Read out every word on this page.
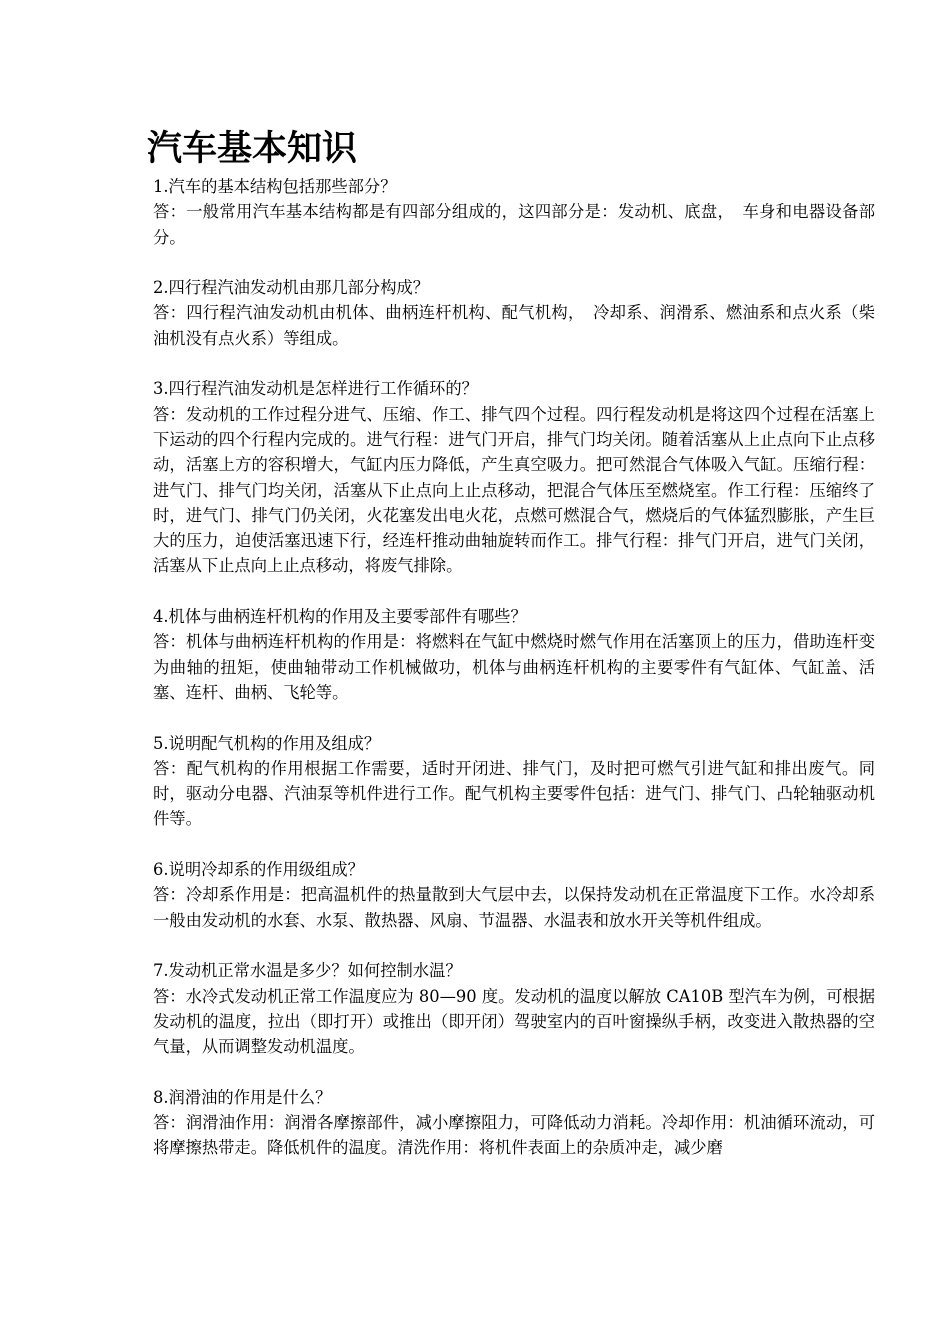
汽车基本知识

1.汽车的基本结构包括那些部分？

答：一般常用汽车基本结构都是有四部分组成的，这四部分是：发动机、底盘，　车身和电器设备部分。

2.四行程汽油发动机由那几部分构成？

答：四行程汽油发动机由机体、曲柄连杆机构、配气机构，　冷却系、润滑系、燃油系和点火系（柴油机没有点火系）等组成。

3.四行程汽油发动机是怎样进行工作循环的？

答：发动机的工作过程分进气、压缩、作工、排气四个过程。四行程发动机是将这四个过程在活塞上下运动的四个行程内完成的。进气行程：进气门开启，排气门均关闭。随着活塞从上止点向下止点移动，活塞上方的容积增大，气缸内压力降低，产生真空吸力。把可然混合气体吸入气缸。压缩行程：进气门、排气门均关闭，活塞从下止点向上止点移动，把混合气体压至燃烧室。作工行程：压缩终了时，进气门、排气门仍关闭，火花塞发出电火花，点燃可燃混合气，燃烧后的气体猛烈膨胀，产生巨大的压力，迫使活塞迅速下行，经连杆推动曲轴旋转而作工。排气行程：排气门开启，进气门关闭，活塞从下止点向上止点移动，将废气排除。

4.机体与曲柄连杆机构的作用及主要零部件有哪些？

答：机体与曲柄连杆机构的作用是：将燃料在气缸中燃烧时燃气作用在活塞顶上的压力，借助连杆变为曲轴的扭矩，使曲轴带动工作机械做功，机体与曲柄连杆机构的主要零件有气缸体、气缸盖、活塞、连杆、曲柄、飞轮等。

5.说明配气机构的作用及组成？

答：配气机构的作用根据工作需要，适时开闭进、排气门，及时把可燃气引进气缸和排出废气。同时，驱动分电器、汽油泵等机件进行工作。配气机构主要零件包括：进气门、排气门、凸轮轴驱动机件等。

6.说明冷却系的作用级组成？

答：冷却系作用是：把高温机件的热量散到大气层中去，以保持发动机在正常温度下工作。水冷却系一般由发动机的水套、水泵、散热器、风扇、节温器、水温表和放水开关等机件组成。

7.发动机正常水温是多少？如何控制水温？

答：水冷式发动机正常工作温度应为 80—90 度。发动机的温度以解放 CA10B 型汽车为例，可根据发动机的温度，拉出（即打开）或推出（即开闭）驾驶室内的百叶窗操纵手柄，改变进入散热器的空气量，从而调整发动机温度。

8.润滑油的作用是什么？

答：润滑油作用：润滑各摩擦部件，减小摩擦阻力，可降低动力消耗。冷却作用：机油循环流动，可将摩擦热带走。降低机件的温度。清洗作用：将机件表面上的杂质冲走，减少磨
